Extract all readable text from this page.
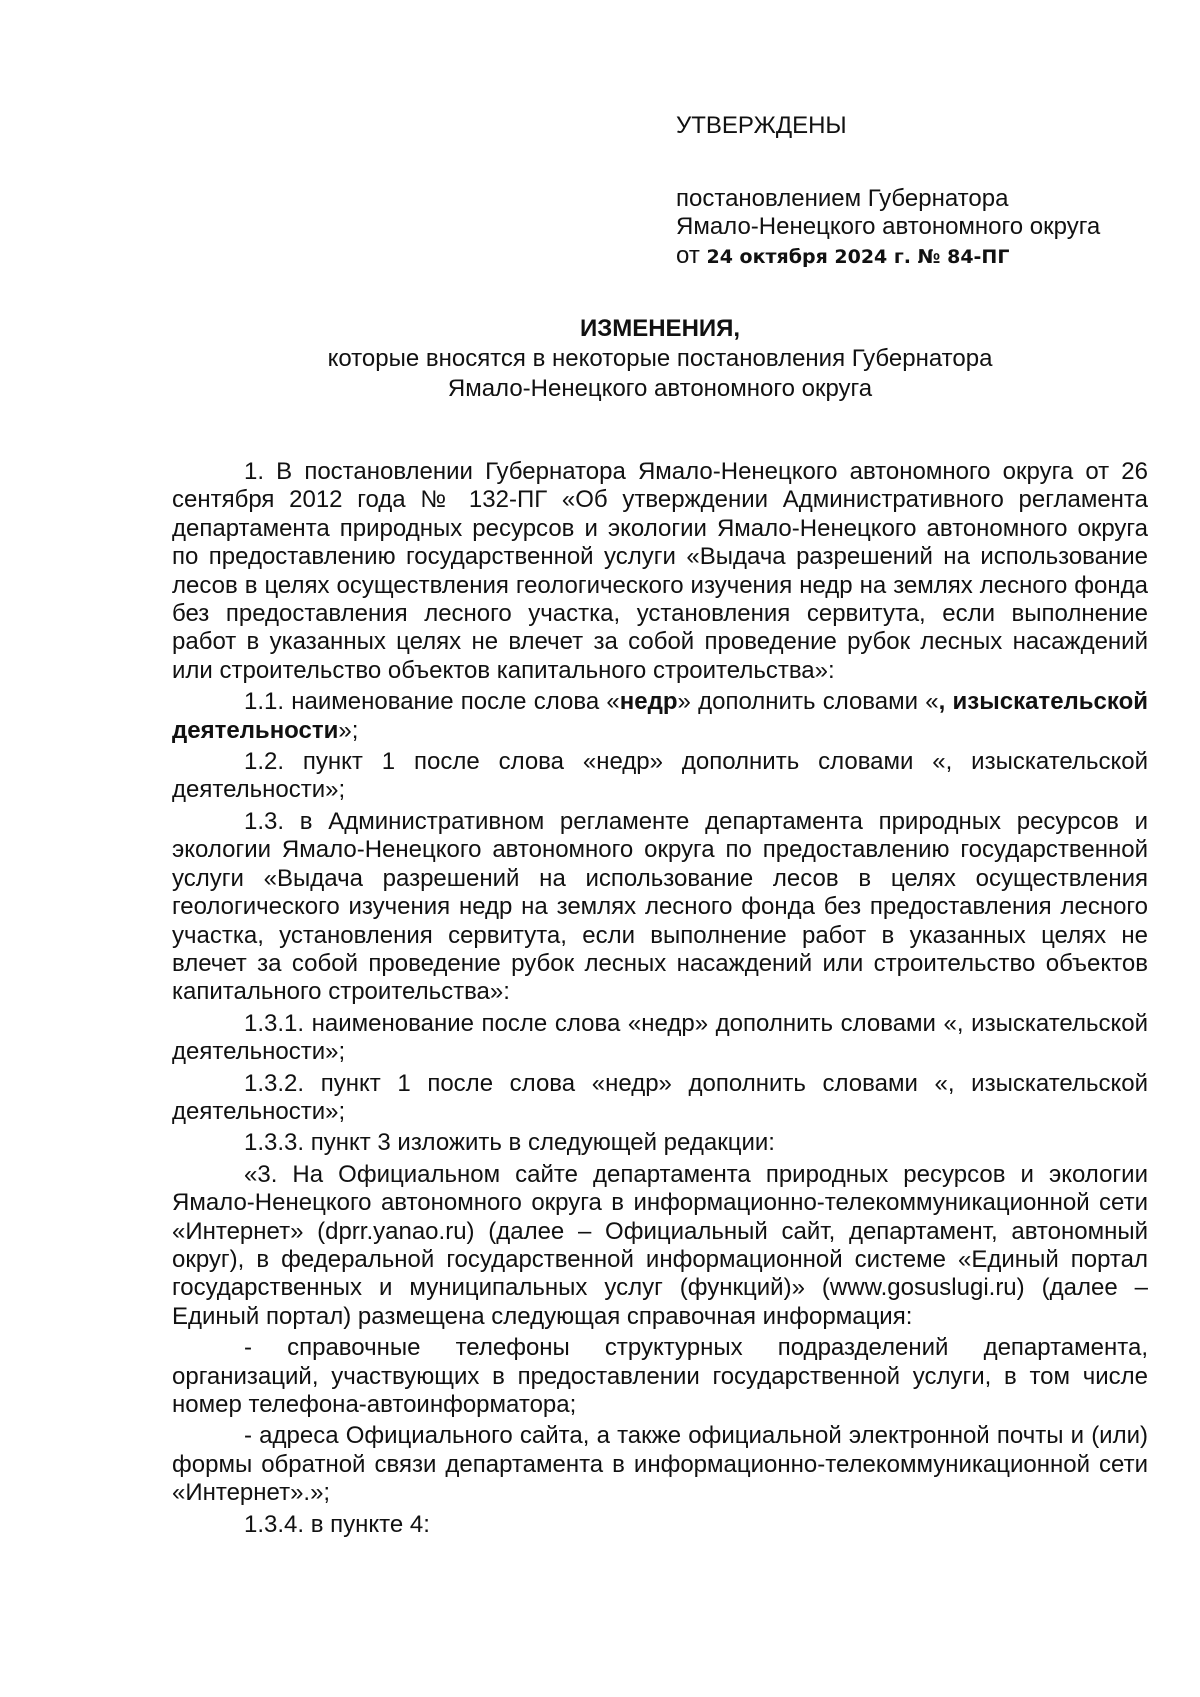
УТВЕРЖДЕНЫ
постановлением Губернатора
Ямало-Ненецкого автономного округа
от 24 октября 2024 г. № 84-ПГ
ИЗМЕНЕНИЯ,
которые вносятся в некоторые постановления Губернатора
Ямало-Ненецкого автономного округа

1. В постановлении Губернатора Ямало-Ненецкого автономного округа от 26 сентября 2012 года № 132-ПГ «Об утверждении Административного регламента департамента природных ресурсов и экологии Ямало-Ненецкого автономного округа по предоставлению государственной услуги «Выдача разрешений на использование лесов в целях осуществления геологического изучения недр на землях лесного фонда без предоставления лесного участка, установления сервитута, если выполнение работ в указанных целях не влечет за собой проведение рубок лесных насаждений или строительство объектов капитального строительства»:

1.1. наименование после слова «недр» дополнить словами «, изыскательской деятельности»;

1.2. пункт 1 после слова «недр» дополнить словами «, изыскательской деятельности»;

1.3. в Административном регламенте департамента природных ресурсов и экологии Ямало-Ненецкого автономного округа по предоставлению государственной услуги «Выдача разрешений на использование лесов в целях осуществления геологического изучения недр на землях лесного фонда без предоставления лесного участка, установления сервитута, если выполнение работ в указанных целях не влечет за собой проведение рубок лесных насаждений или строительство объектов капитального строительства»:

1.3.1. наименование после слова «недр» дополнить словами «, изыскательской деятельности»;

1.3.2. пункт 1 после слова «недр» дополнить словами «, изыскательской деятельности»;

1.3.3. пункт 3 изложить в следующей редакции:

«3. На Официальном сайте департамента природных ресурсов и экологии Ямало-Ненецкого автономного округа в информационно-телекоммуникационной сети «Интернет» (dprr.yanao.ru) (далее – Официальный сайт, департамент, автономный округ), в федеральной государственной информационной системе «Единый портал государственных и муниципальных услуг (функций)» (www.gosuslugi.ru) (далее – Единый портал) размещена следующая справочная информация:

- справочные телефоны структурных подразделений департамента, организаций, участвующих в предоставлении государственной услуги, в том числе номер телефона-автоинформатора;

- адреса Официального сайта, а также официальной электронной почты и (или) формы обратной связи департамента в информационно-телекоммуникационной сети «Интернет».»;

1.3.4. в пункте 4:
